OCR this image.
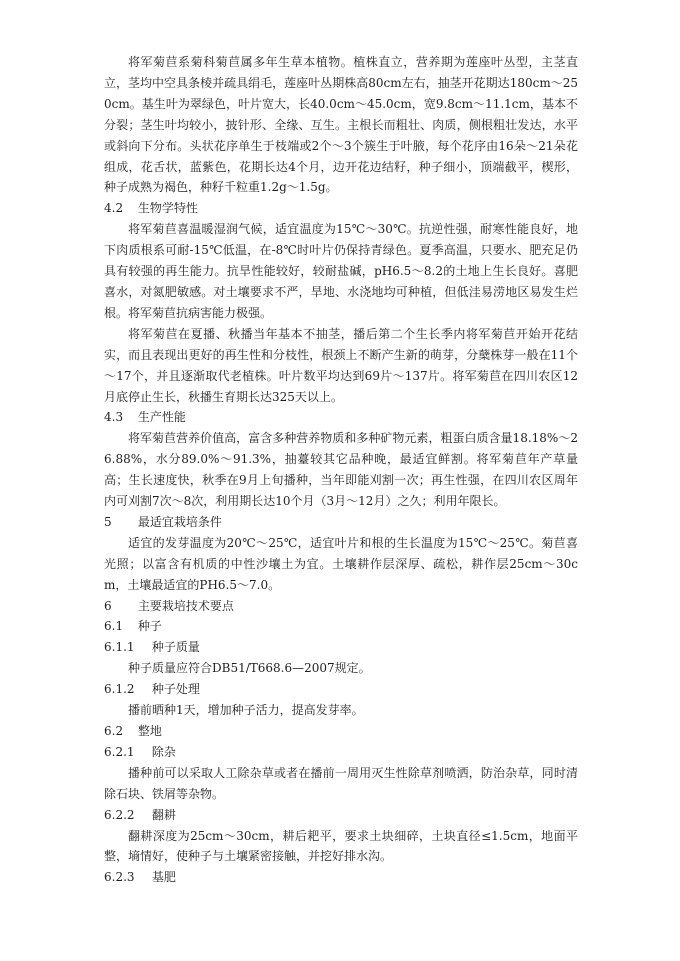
将军菊苣系菊科菊苣属多年生草本植物。植株直立，营养期为莲座叶丛型，主茎直立，茎均中空具条棱并疏具绢毛，莲座叶丛期株高80cm左右，抽茎开花期达180cm～250cm。基生叶为翠绿色，叶片宽大，长40.0cm～45.0cm，宽9.8cm～11.1cm，基本不分裂；茎生叶均较小，披针形、全缘、互生。主根长而粗壮、肉质，侧根粗壮发达，水平或斜向下分布。头状花序单生于枝端或2个～3个簇生于叶腋，每个花序由16朵～21朵花组成，花舌状，蓝紫色，花期长达4个月，边开花边结籽，种子细小，顶端截平，楔形，种子成熟为褐色，种籽千粒重1.2g～1.5g。

4.2 生物学特性

将军菊苣喜温暖湿润气候，适宜温度为15℃～30℃。抗逆性强，耐寒性能良好，地下肉质根系可耐-15℃低温，在-8℃时叶片仍保持青绿色。夏季高温，只要水、肥充足仍具有较强的再生能力。抗旱性能较好，较耐盐碱，pH6.5～8.2的土地上生长良好。喜肥喜水，对氮肥敏感。对土壤要求不严，旱地、水浇地均可种植，但低洼易涝地区易发生烂根。将军菊苣抗病害能力极强。

将军菊苣在夏播、秋播当年基本不抽茎，播后第二个生长季内将军菊苣开始开花结实，而且表现出更好的再生性和分枝性，根颈上不断产生新的萌芽，分蘖株芽一般在11个～17个，并且逐渐取代老植株。叶片数平均达到69片～137片。将军菊苣在四川农区12月底停止生长，秋播生育期长达325天以上。

4.3 生产性能

将军菊苣营养价值高，富含多种营养物质和多种矿物元素，粗蛋白质含量18.18%～26.88%，水分89.0%～91.3%，抽薹较其它品种晚，最适宜鲜割。将军菊苣年产草量高；生长速度快，秋季在9月上旬播种，当年即能刈割一次；再生性强，在四川农区周年内可刈割7次～8次，利用期长达10个月（3月～12月）之久；利用年限长。

5 最适宜栽培条件

适宜的发芽温度为20℃～25℃，适宜叶片和根的生长温度为15℃～25℃。菊苣喜光照；以富含有机质的中性沙壤土为宜。土壤耕作层深厚、疏松，耕作层25cm～30cm，土壤最适宜的PH6.5～7.0。

6 主要栽培技术要点

6.1 种子

6.1.1 种子质量

种子质量应符合DB51/T668.6—2007规定。

6.1.2 种子处理

播前晒种1天，增加种子活力，提高发芽率。

6.2 整地

6.2.1 除杂

播种前可以采取人工除杂草或者在播前一周用灭生性除草剂喷洒，防治杂草，同时清除石块、铁屑等杂物。

6.2.2 翻耕

翻耕深度为25cm～30cm，耕后耙平，要求土块细碎，土块直径≤1.5cm，地面平整，墒情好，使种子与土壤紧密接触，并挖好排水沟。

6.2.3 基肥
